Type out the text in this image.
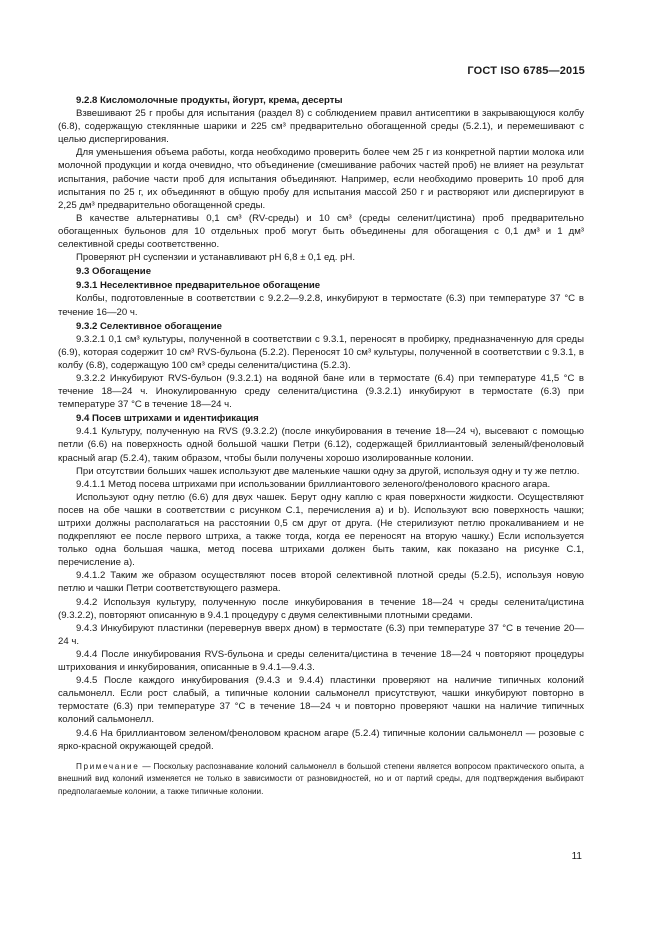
ГОСТ ISO 6785—2015

9.2.8 Кисломолочные продукты, йогурт, крема, десерты

Взвешивают 25 г пробы для испытания (раздел 8) с соблюдением правил антисептики в закрывающуюся колбу (6.8), содержащую стеклянные шарики и 225 см³ предварительно обогащенной среды (5.2.1), и перемешивают с целью диспергирования.

Для уменьшения объема работы, когда необходимо проверить более чем 25 г из конкретной партии молока или молочной продукции и когда очевидно, что объединение (смешивание рабочих частей проб) не влияет на результат испытания, рабочие части проб для испытания объединяют. Например, если необходимо проверить 10 проб для испытания по 25 г, их объединяют в общую пробу для испытания массой 250 г и растворяют или диспергируют в 2,25 дм³ предварительно обогащенной среды.

В качестве альтернативы 0,1 см³ (RV-среды) и 10 см³ (среды селенит/цистина) проб предварительно обогащенных бульонов для 10 отдельных проб могут быть объединены для обогащения с 0,1 дм³ и 1 дм³ селективной среды соответственно.

Проверяют рН суспензии и устанавливают рН 6,8 ± 0,1 ед. рН.

9.3 Обогащение

9.3.1 Неселективное предварительное обогащение

Колбы, подготовленные в соответствии с 9.2.2—9.2.8, инкубируют в термостате (6.3) при температуре 37 °С в течение 16—20 ч.

9.3.2 Селективное обогащение

9.3.2.1 0,1 см³ культуры, полученной в соответствии с 9.3.1, переносят в пробирку, предназначенную для среды (6.9), которая содержит 10 см³ RVS-бульона (5.2.2). Переносят 10 см³ культуры, полученной в соответствии с 9.3.1, в колбу (6.8), содержащую 100 см³ среды селенита/цистина (5.2.3).

9.3.2.2 Инкубируют RVS-бульон (9.3.2.1) на водяной бане или в термостате (6.4) при температуре 41,5 °С в течение 18—24 ч. Инокулированную среду селенита/цистина (9.3.2.1) инкубируют в термостате (6.3) при температуре 37 °С в течение 18—24 ч.

9.4 Посев штрихами и идентификация

9.4.1 Культуру, полученную на RVS (9.3.2.2) (после инкубирования в течение 18—24 ч), высевают с помощью петли (6.6) на поверхность одной большой чашки Петри (6.12), содержащей бриллиантовый зеленый/феноловый красный агар (5.2.4), таким образом, чтобы были получены хорошо изолированные колонии.

При отсутствии больших чашек используют две маленькие чашки одну за другой, используя одну и ту же петлю.

9.4.1.1 Метод посева штрихами при использовании бриллиантового зеленого/фенолового красного агара.

Используют одну петлю (6.6) для двух чашек. Берут одну каплю с края поверхности жидкости. Осуществляют посев на обе чашки в соответствии с рисунком С.1, перечисления а) и b). Используют всю поверхность чашки; штрихи должны располагаться на расстоянии 0,5 см друг от друга. (Не стерилизуют петлю прокаливанием и не подкрепляют ее после первого штриха, а также тогда, когда ее переносят на вторую чашку.) Если используется только одна большая чашка, метод посева штрихами должен быть таким, как показано на рисунке С.1, перечисление а).

9.4.1.2 Таким же образом осуществляют посев второй селективной плотной среды (5.2.5), используя новую петлю и чашки Петри соответствующего размера.

9.4.2 Используя культуру, полученную после инкубирования в течение 18—24 ч среды селенита/цистина (9.3.2.2), повторяют описанную в 9.4.1 процедуру с двумя селективными плотными средами.

9.4.3 Инкубируют пластинки (перевернув вверх дном) в термостате (6.3) при температуре 37 °С в течение 20—24 ч.

9.4.4 После инкубирования RVS-бульона и среды селенита/цистина в течение 18—24 ч повторяют процедуры штрихования и инкубирования, описанные в 9.4.1—9.4.3.

9.4.5 После каждого инкубирования (9.4.3 и 9.4.4) пластинки проверяют на наличие типичных колоний сальмонелл. Если рост слабый, а типичные колонии сальмонелл присутствуют, чашки инкубируют повторно в термостате (6.3) при температуре 37 °С в течение 18—24 ч и повторно проверяют чашки на наличие типичных колоний сальмонелл.

9.4.6 На бриллиантовом зеленом/феноловом красном агаре (5.2.4) типичные колонии сальмонелл — розовые с ярко-красной окружающей средой.

Примечание — Поскольку распознавание колоний сальмонелл в большой степени является вопросом практического опыта, а внешний вид колоний изменяется не только в зависимости от разновидностей, но и от партий среды, для подтверждения выбирают предполагаемые колонии, а также типичные колонии.

11
